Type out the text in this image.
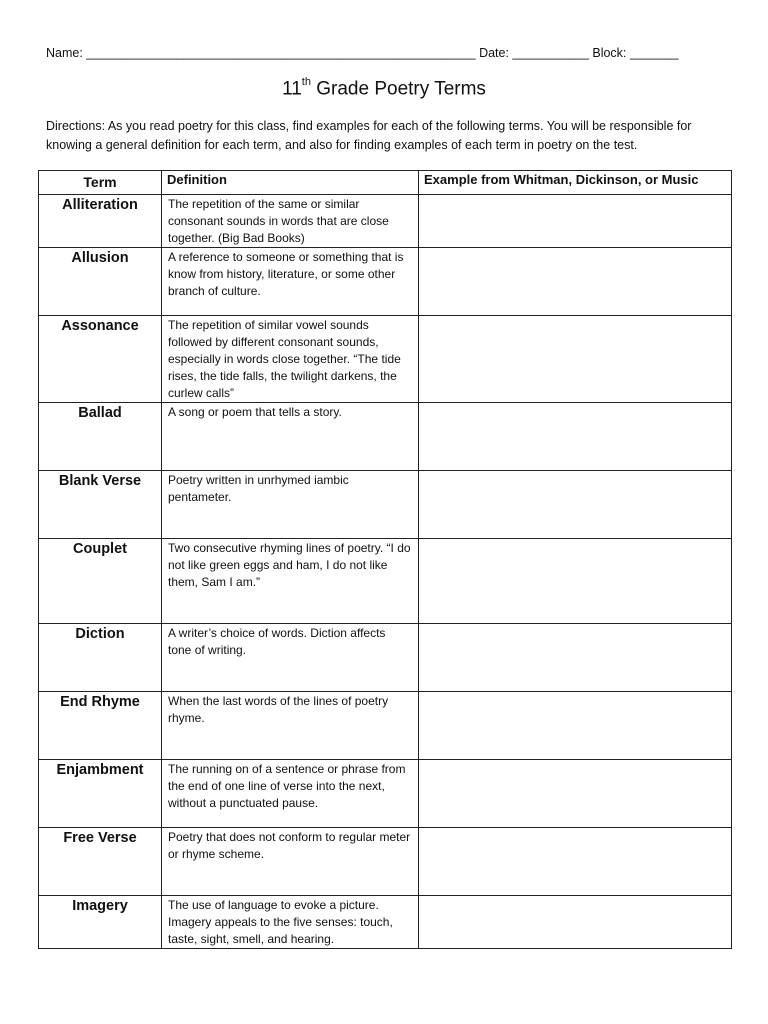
Name: ________________________________________________________ Date: ___________ Block: _______
11th Grade Poetry Terms
Directions: As you read poetry for this class, find examples for each of the following terms. You will be responsible for
knowing a general definition for each term, and also for finding examples of each term in poetry on the test.
Term	Definition	Example from Whitman, Dickinson, or Music
Alliteration	The repetition of the same or similar consonant sounds in words that are close together. (Big Bad Books)	
Allusion	A reference to someone or something that is know from history, literature, or some other branch of culture.	
Assonance	The repetition of similar vowel sounds followed by different consonant sounds, especially in words close together. “The tide rises, the tide falls, the twilight darkens, the curlew calls”	
Ballad	A song or poem that tells a story.	
Blank Verse	Poetry written in unrhymed iambic pentameter.	
Couplet	Two consecutive rhyming lines of poetry. “I do not like green eggs and ham, I do not like them, Sam I am.”	
Diction	A writer’s choice of words. Diction affects tone of writing.	
End Rhyme	When the last words of the lines of poetry rhyme.	
Enjambment	The running on of a sentence or phrase from the end of one line of verse into the next, without a punctuated pause.	
Free Verse	Poetry that does not conform to regular meter or rhyme scheme.	
Imagery	The use of language to evoke a picture. Imagery appeals to the five senses: touch, taste, sight, smell, and hearing.	
